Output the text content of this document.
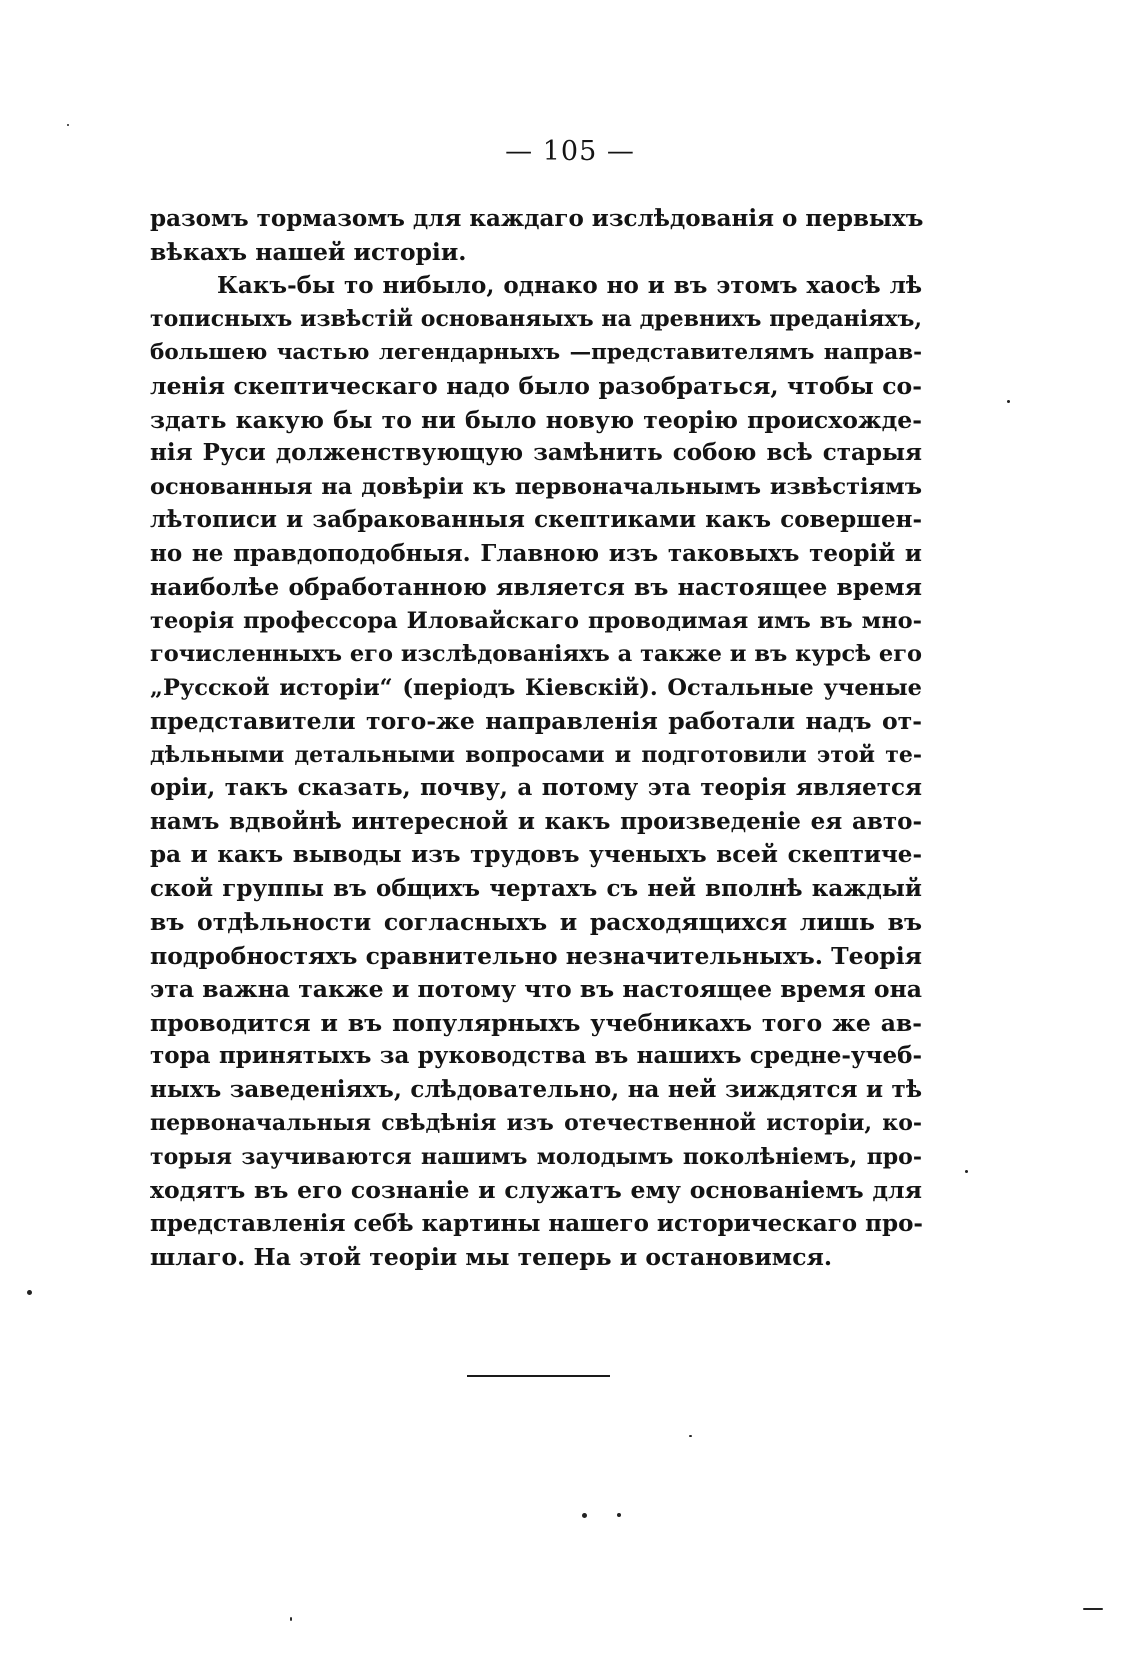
— 105 —
разомъ тормазомъ для каждаго изслѣдованія о первыхъ
вѣкахъ нашей исторіи.
Какъ-бы то нибыло, однако но и въ этомъ хаосѣ лѣ
тописныхъ извѣстій основаняыхъ на древнихъ преданіяхъ,
большею частью легендарныхъ —представителямъ направ-
ленія скептическаго надо было разобраться, чтобы со-
здать какую бы то ни было новую теорію происхожде-
нія Руси долженствующую замѣнить собою всѣ старыя
основанныя на довѣріи къ первоначальнымъ извѣстіямъ
лѣтописи и забракованныя скептиками какъ совершен-
но не правдоподобныя. Главною изъ таковыхъ теорій и
наиболѣе обработанною является въ настоящее время
теорія профессора Иловайскаго проводимая имъ въ мно-
гочисленныхъ его изслѣдованіяхъ а также и въ курсѣ его
„Русской исторіи“ (періодъ Кіевскій). Остальные ученые
представители того-же направленія работали надъ от-
дѣльными детальными вопросами и подготовили этой те-
оріи, такъ сказать, почву, а потому эта теорія является
намъ вдвойнѣ интересной и какъ произведеніе ея авто-
ра и какъ выводы изъ трудовъ ученыхъ всей скептиче-
ской группы въ общихъ чертахъ съ ней вполнѣ каждый
въ отдѣльности согласныхъ и расходящихся лишь въ
подробностяхъ сравнительно незначительныхъ. Теорія
эта важна также и потому что въ настоящее время она
проводится и въ популярныхъ учебникахъ того же ав-
тора принятыхъ за руководства въ нашихъ средне-учеб-
ныхъ заведеніяхъ, слѣдовательно, на ней зиждятся и тѣ
первоначальныя свѣдѣнія изъ отечественной исторіи, ко-
торыя заучиваются нашимъ молодымъ поколѣніемъ, про-
ходятъ въ его сознаніе и служатъ ему основаніемъ для
представленія себѣ картины нашего историческаго про-
шлаго. На этой теоріи мы теперь и остановимся.
